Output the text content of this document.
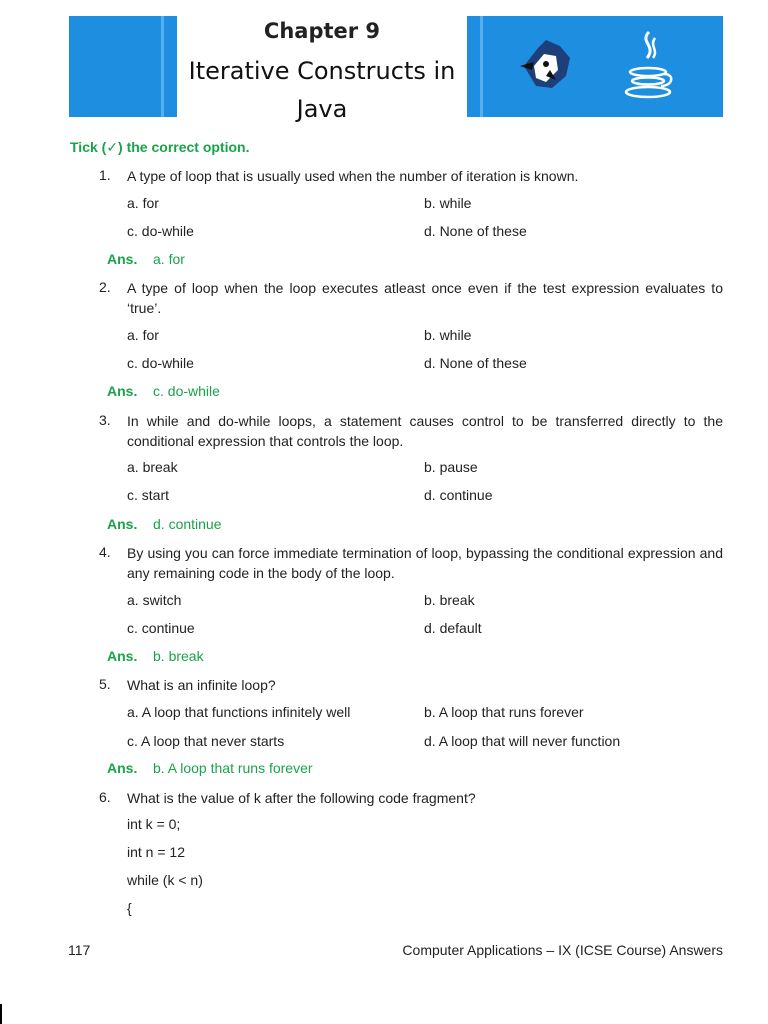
Chapter 9
Iterative Constructs in
Java
Tick (✓) the correct option.
1. A type of loop that is usually used when the number of iteration is known.
a. for	b. while
c. do-while	d. None of these
Ans. a. for
2. A type of loop when the loop executes atleast once even if the test expression evaluates to ‘true’.
a. for	b. while
c. do-while	d. None of these
Ans. c. do-while
3. In while and do-while loops, a statement causes control to be transferred directly to the conditional expression that controls the loop.
a. break	b. pause
c. start	d. continue
Ans. d. continue
4. By using you can force immediate termination of loop, bypassing the conditional expression and any remaining code in the body of the loop.
a. switch	b. break
c. continue	d. default
Ans. b. break
5. What is an infinite loop?
a. A loop that functions infinitely well	b. A loop that runs forever
c. A loop that never starts	d. A loop that will never function
Ans. b. A loop that runs forever
6. What is the value of k after the following code fragment?
int k = 0;
int n = 12
while (k < n)
{
117	Computer Applications – IX (ICSE Course) Answers
